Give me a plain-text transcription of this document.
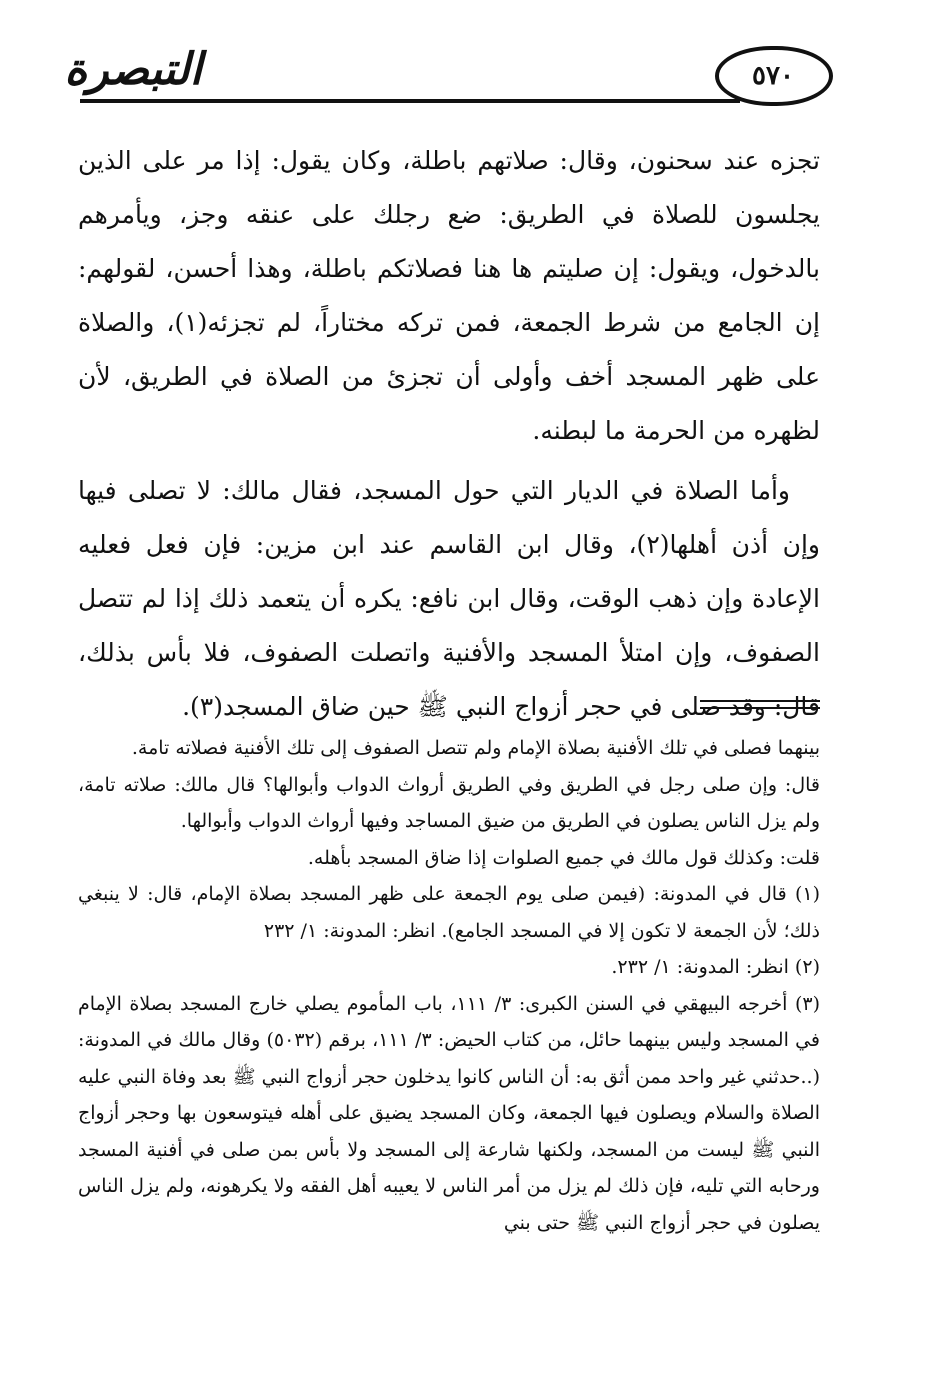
التبصرة	٥٧٠

تجزه عند سحنون، وقال: صلاتهم باطلة، وكان يقول: إذا مر على الذين يجلسون للصلاة في الطريق: ضع رجلك على عنقه وجز، ويأمرهم بالدخول، ويقول: إن صليتم ها هنا فصلاتكم باطلة، وهذا أحسن، لقولهم: إن الجامع من شرط الجمعة، فمن تركه مختاراً، لم تجزئه(١)، والصلاة على ظهر المسجد أخف وأولى أن تجزئ من الصلاة في الطريق، لأن لظهره من الحرمة ما لبطنه.

وأما الصلاة في الديار التي حول المسجد، فقال مالك: لا تصلى فيها وإن أذن أهلها(٢)، وقال ابن القاسم عند ابن مزين: فإن فعل فعليه الإعادة وإن ذهب الوقت، وقال ابن نافع: يكره أن يتعمد ذلك إذا لم تتصل الصفوف، وإن امتلأ المسجد والأفنية واتصلت الصفوف، فلا بأس بذلك، قال: وقد صلى في حجر أزواج النبي ﷺ حين ضاق المسجد(٣).

بينهما فصلى في تلك الأفنية بصلاة الإمام ولم تتصل الصفوف إلى تلك الأفنية فصلاته تامة.

قال: وإن صلى رجل في الطريق وفي الطريق أرواث الدواب وأبوالها؟ قال مالك: صلاته تامة، ولم يزل الناس يصلون في الطريق من ضيق المساجد وفيها أرواث الدواب وأبوالها.

قلت: وكذلك قول مالك في جميع الصلوات إذا ضاق المسجد بأهله.

(١) قال في المدونة: (فيمن صلى يوم الجمعة على ظهر المسجد بصلاة الإمام، قال: لا ينبغي ذلك؛ لأن الجمعة لا تكون إلا في المسجد الجامع). انظر: المدونة: ١/ ٢٣٢

(٢) انظر: المدونة: ١/ ٢٣٢.

(٣) أخرجه البيهقي في السنن الكبرى: ٣/ ١١١، باب المأموم يصلي خارج المسجد بصلاة الإمام في المسجد وليس بينهما حائل، من كتاب الحيض: ٣/ ١١١، برقم (٥٠٣٢) وقال مالك في المدونة: (..حدثني غير واحد ممن أثق به: أن الناس كانوا يدخلون حجر أزواج النبي ﷺ بعد وفاة النبي عليه الصلاة والسلام ويصلون فيها الجمعة، وكان المسجد يضيق على أهله فيتوسعون بها وحجر أزواج النبي ﷺ ليست من المسجد، ولكنها شارعة إلى المسجد ولا بأس بمن صلى في أفنية المسجد ورحابه التي تليه، فإن ذلك لم يزل من أمر الناس لا يعيبه أهل الفقه ولا يكرهونه، ولم يزل الناس يصلون في حجر أزواج النبي ﷺ حتى بني
